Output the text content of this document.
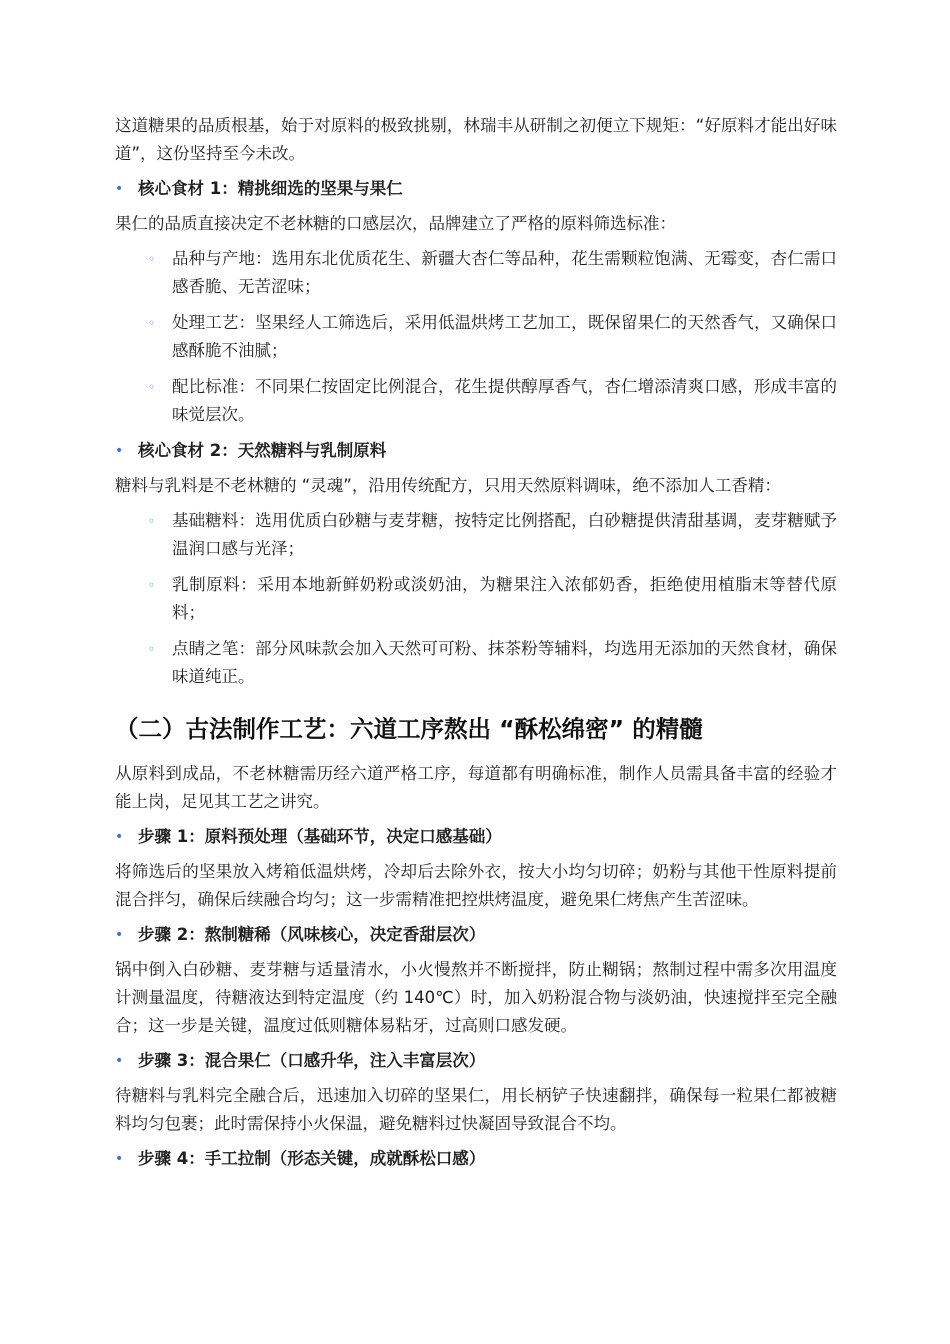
这道糖果的品质根基，始于对原料的极致挑剔，林瑞丰从研制之初便立下规矩：“好原料才能出好味道”，这份坚持至今未改。

• 核心食材 1：精挑细选的坚果与果仁

果仁的品质直接决定不老林糖的口感层次，品牌建立了严格的原料筛选标准：

◦ 品种与产地：选用东北优质花生、新疆大杏仁等品种，花生需颗粒饱满、无霉变，杏仁需口感香脆、无苦涩味；
◦ 处理工艺：坚果经人工筛选后，采用低温烘烤工艺加工，既保留果仁的天然香气，又确保口感酥脆不油腻；
◦ 配比标准：不同果仁按固定比例混合，花生提供醇厚香气，杏仁增添清爽口感，形成丰富的味觉层次。
• 核心食材 2：天然糖料与乳制原料

糖料与乳料是不老林糖的 “灵魂”，沿用传统配方，只用天然原料调味，绝不添加人工香精：

◦ 基础糖料：选用优质白砂糖与麦芽糖，按特定比例搭配，白砂糖提供清甜基调，麦芽糖赋予温润口感与光泽；
◦ 乳制原料：采用本地新鲜奶粉或淡奶油，为糖果注入浓郁奶香，拒绝使用植脂末等替代原料；
◦ 点睛之笔：部分风味款会加入天然可可粉、抹茶粉等辅料，均选用无添加的天然食材，确保味道纯正。
（二）古法制作工艺：六道工序熬出 “酥松绵密” 的精髓

从原料到成品，不老林糖需历经六道严格工序，每道都有明确标准，制作人员需具备丰富的经验才能上岗，足见其工艺之讲究。

• 步骤 1：原料预处理（基础环节，决定口感基础）

将筛选后的坚果放入烤箱低温烘烤，冷却后去除外衣，按大小均匀切碎；奶粉与其他干性原料提前混合拌匀，确保后续融合均匀；这一步需精准把控烘烤温度，避免果仁烤焦产生苦涩味。

• 步骤 2：熬制糖稀（风味核心，决定香甜层次）

锅中倒入白砂糖、麦芽糖与适量清水，小火慢熬并不断搅拌，防止糊锅；熬制过程中需多次用温度计测量温度，待糖液达到特定温度（约 140℃）时，加入奶粉混合物与淡奶油，快速搅拌至完全融合；这一步是关键，温度过低则糖体易粘牙，过高则口感发硬。

• 步骤 3：混合果仁（口感升华，注入丰富层次）

待糖料与乳料完全融合后，迅速加入切碎的坚果仁，用长柄铲子快速翻拌，确保每一粒果仁都被糖料均匀包裹；此时需保持小火保温，避免糖料过快凝固导致混合不均。

• 步骤 4：手工拉制（形态关键，成就酥松口感）
